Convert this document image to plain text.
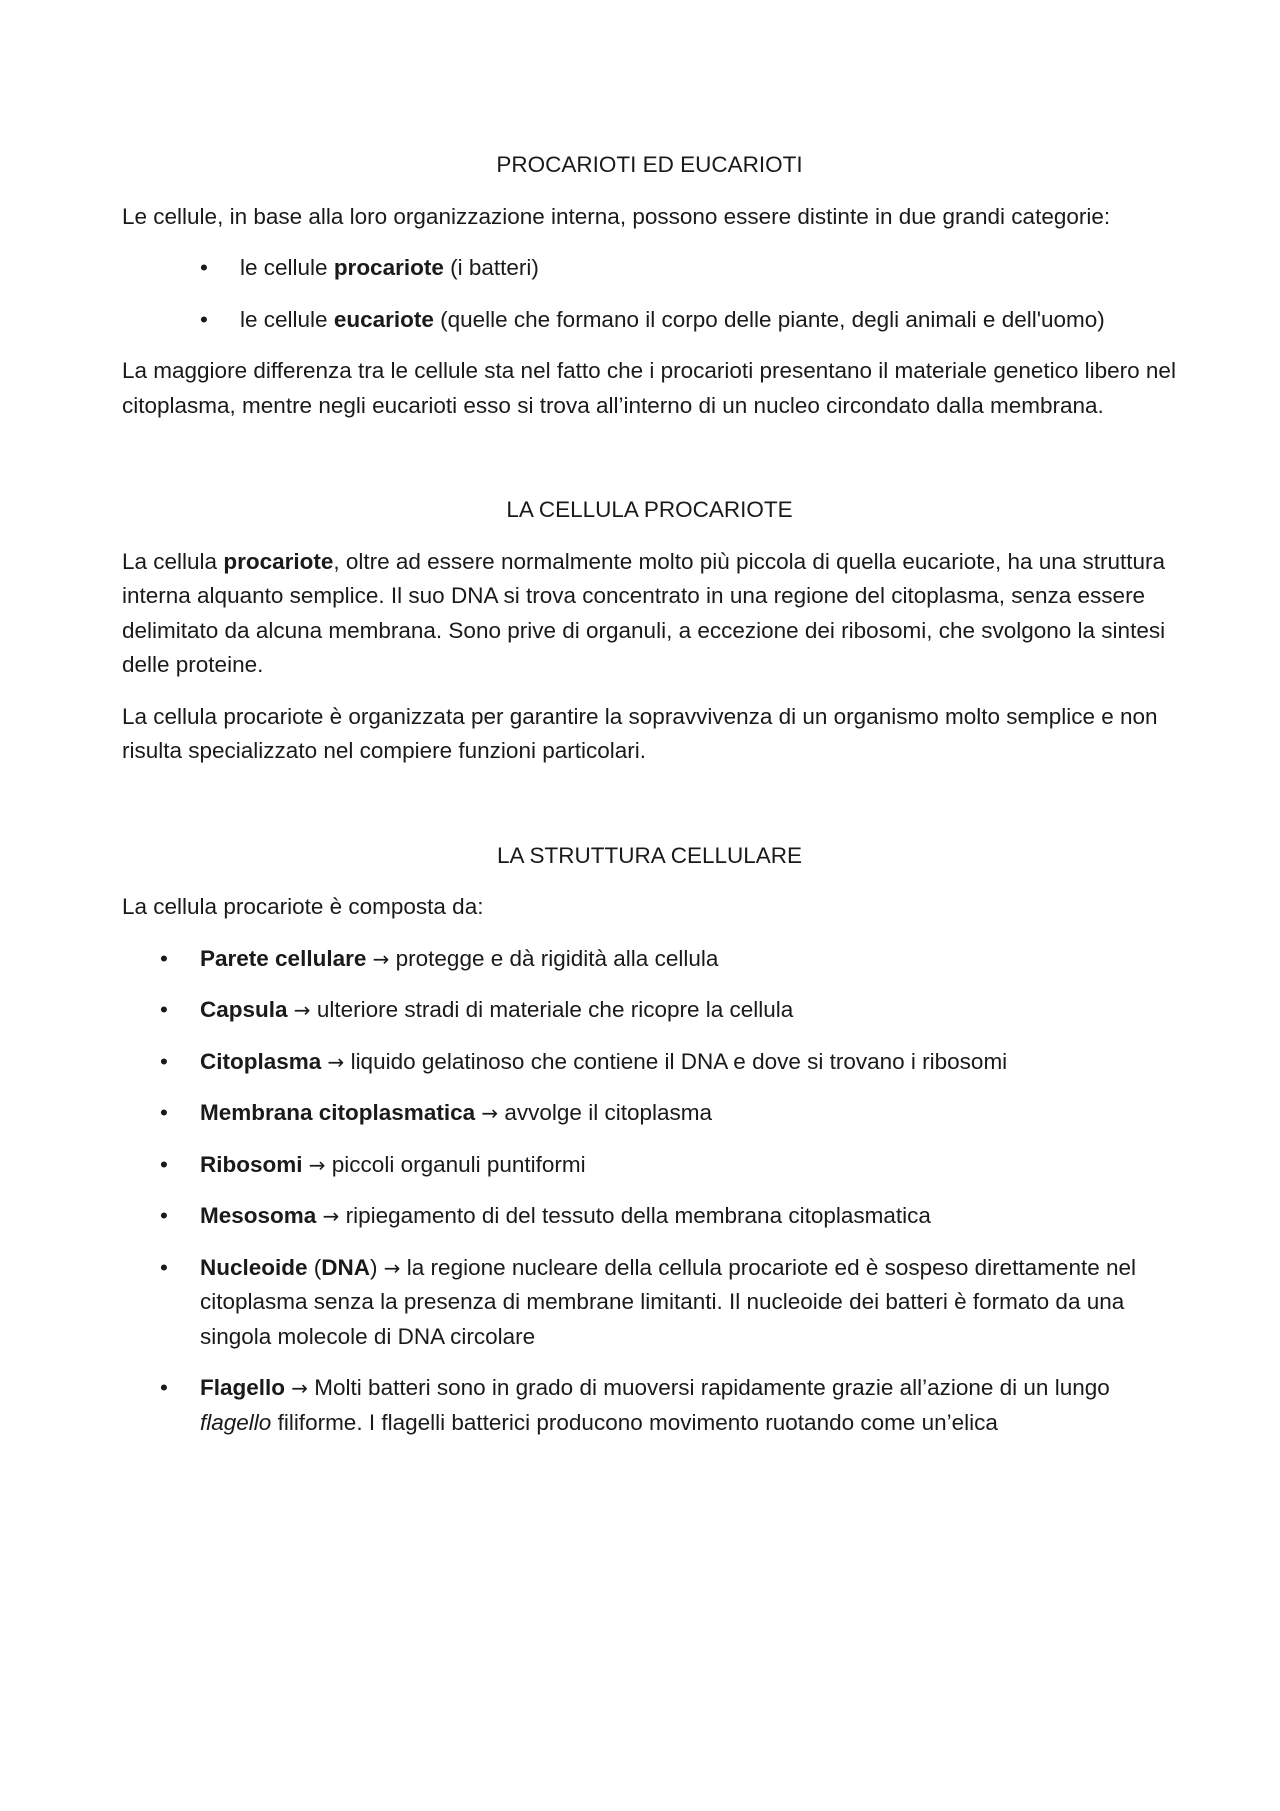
PROCARIOTI ED EUCARIOTI

Le cellule, in base alla loro organizzazione interna, possono essere distinte in due grandi categorie:

• le cellule procariote (i batteri)
• le cellule eucariote (quelle che formano il corpo delle piante, degli animali e dell'uomo)

La maggiore differenza tra le cellule sta nel fatto che i procarioti presentano il materiale genetico libero nel citoplasma, mentre negli eucarioti esso si trova all’interno di un nucleo circondato dalla membrana.

LA CELLULA PROCARIOTE

La cellula procariote, oltre ad essere normalmente molto più piccola di quella eucariote, ha una struttura interna alquanto semplice. Il suo DNA si trova concentrato in una regione del citoplasma, senza essere delimitato da alcuna membrana. Sono prive di organuli, a eccezione dei ribosomi, che svolgono la sintesi delle proteine.

La cellula procariote è organizzata per garantire la sopravvivenza di un organismo molto semplice e non risulta specializzato nel compiere funzioni particolari.

LA STRUTTURA CELLULARE

La cellula procariote è composta da:

• Parete cellulare → protegge e dà rigidità alla cellula
• Capsula → ulteriore stradi di materiale che ricopre la cellula
• Citoplasma → liquido gelatinoso che contiene il DNA e dove si trovano i ribosomi
• Membrana citoplasmatica → avvolge il citoplasma
• Ribosomi → piccoli organuli puntiformi
• Mesosoma → ripiegamento di del tessuto della membrana citoplasmatica
• Nucleoide (DNA) → la regione nucleare della cellula procariote ed è sospeso direttamente nel citoplasma senza la presenza di membrane limitanti. Il nucleoide dei batteri è formato da una singola molecole di DNA circolare
• Flagello → Molti batteri sono in grado di muoversi rapidamente grazie all’azione di un lungo flagello filiforme. I flagelli batterici producono movimento ruotando come un’elica
